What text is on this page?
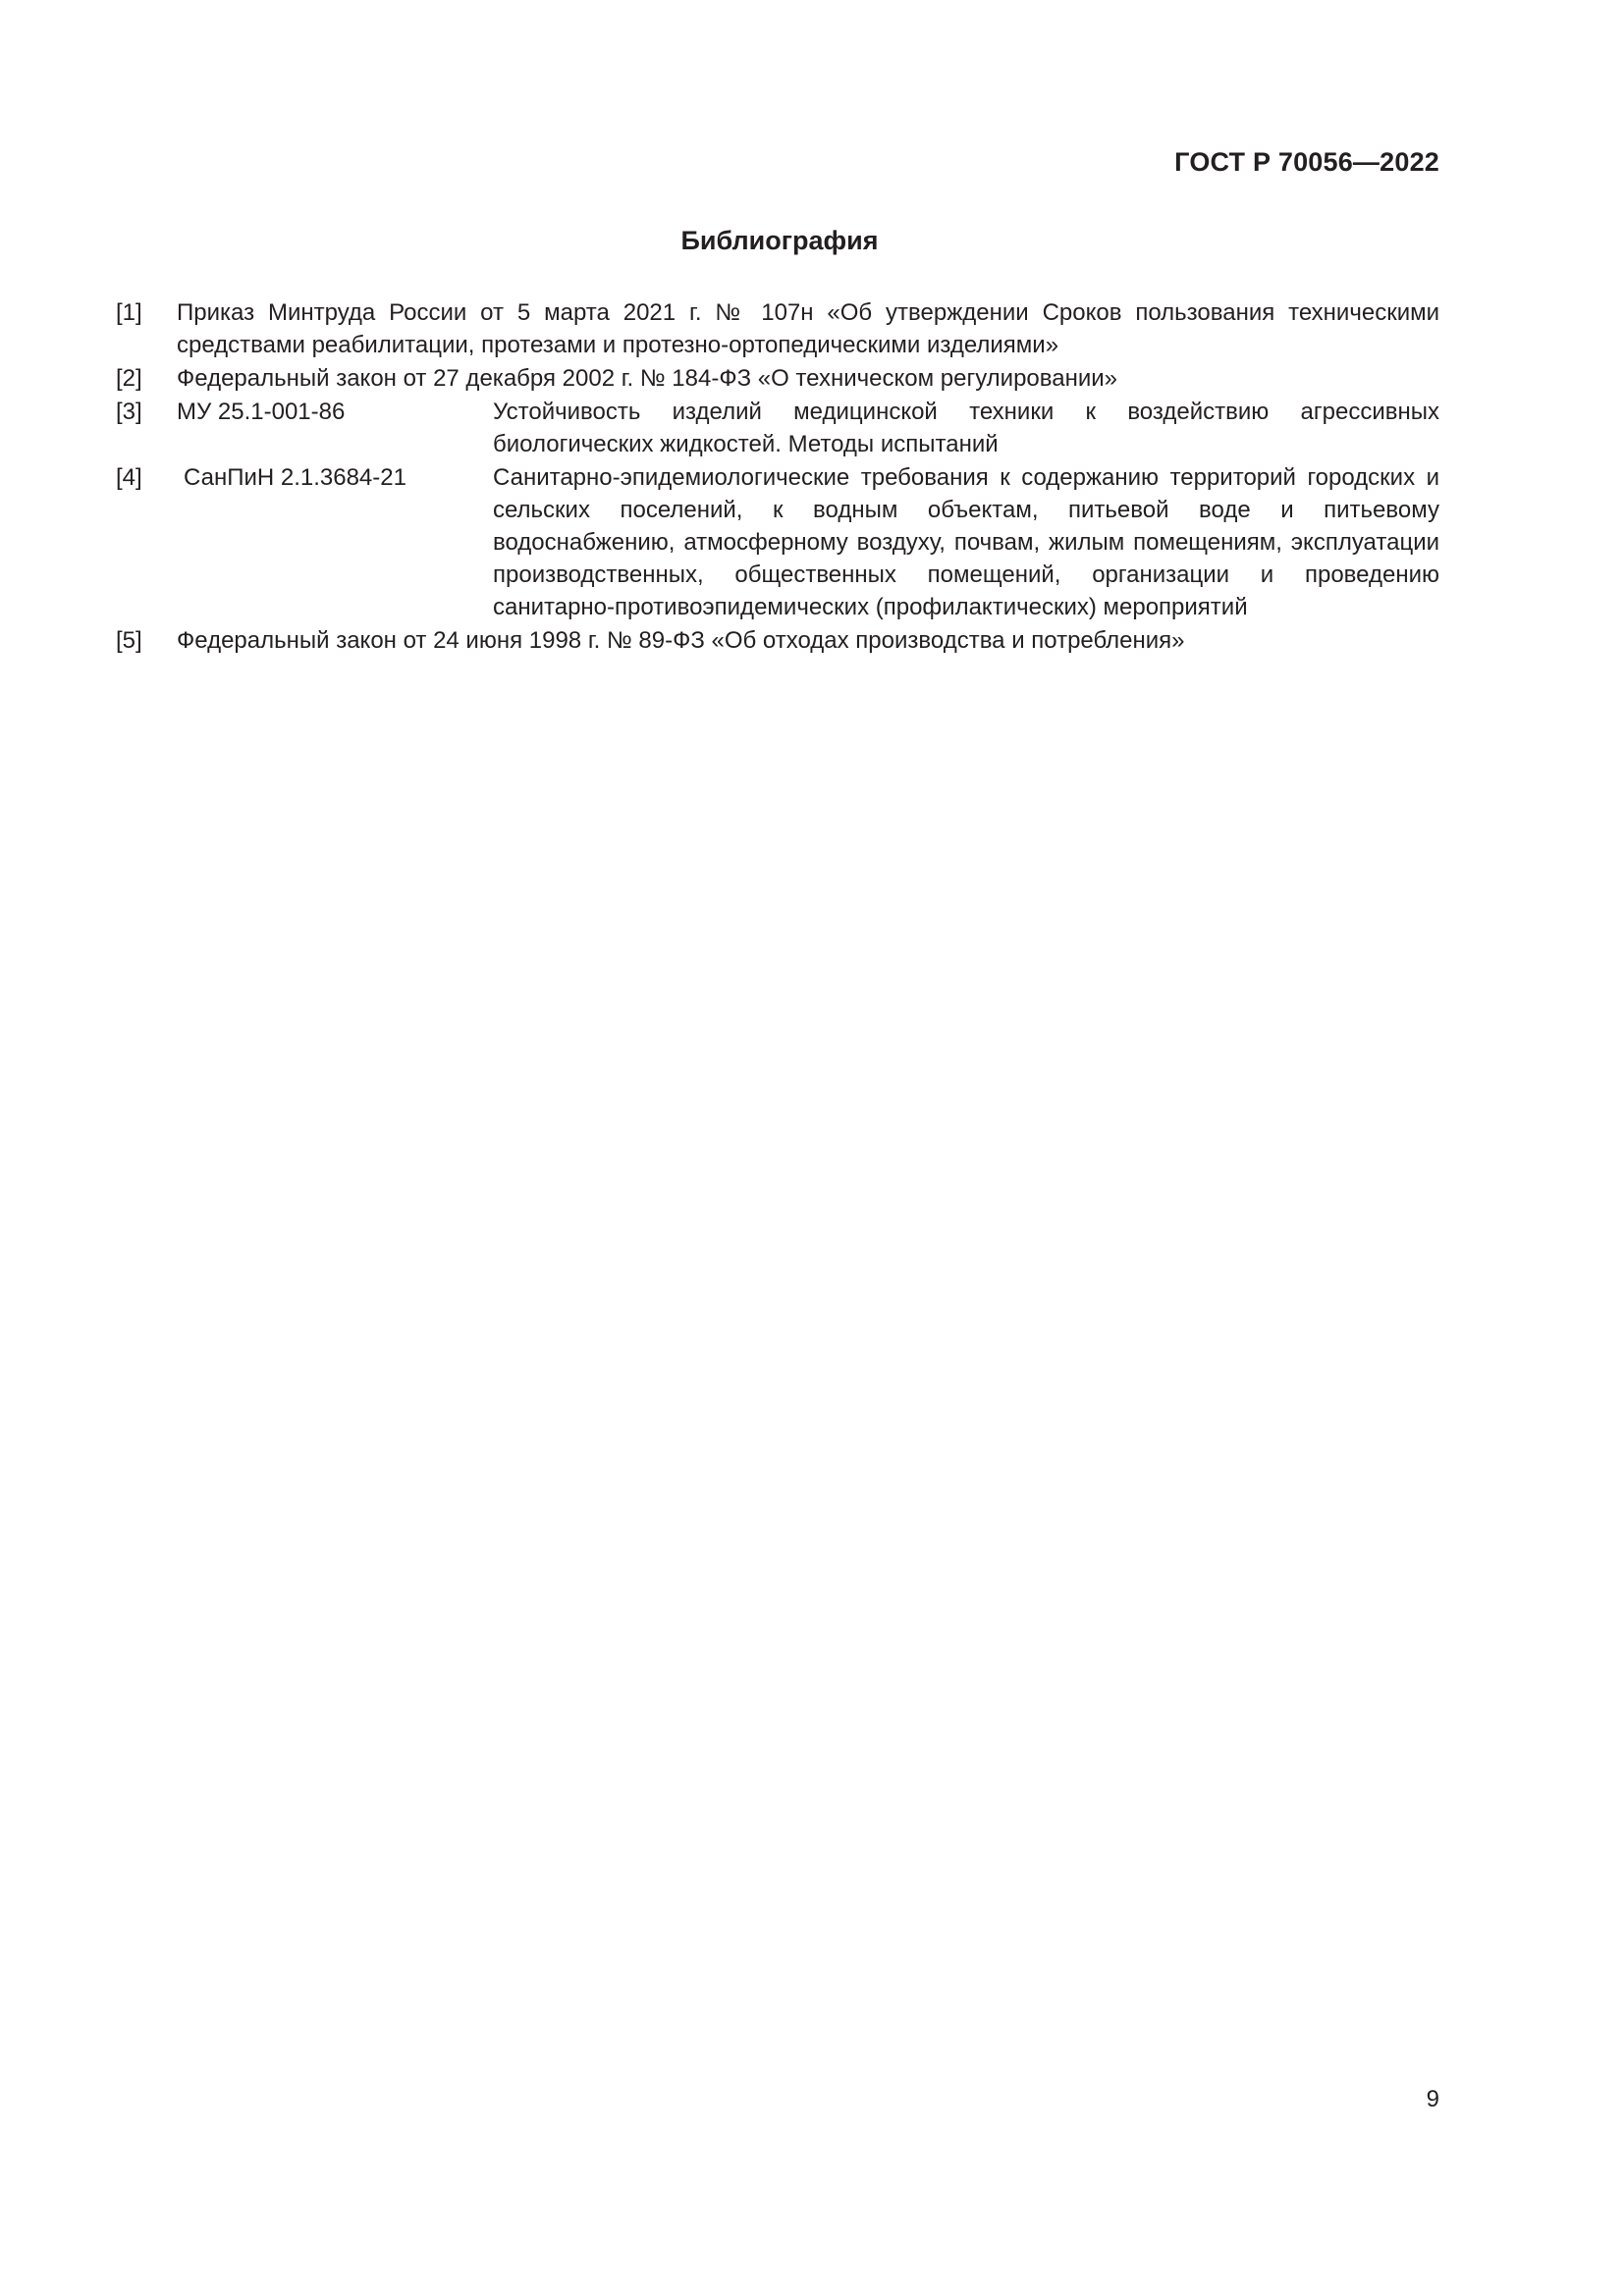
ГОСТ Р 70056—2022
Библиография
[1] Приказ Минтруда России от 5 марта 2021 г. № 107н «Об утверждении Сроков пользования техническими средствами реабилитации, протезами и протезно-ортопедическими изделиями»
[2] Федеральный закон от 27 декабря 2002 г. № 184-ФЗ «О техническом регулировании»
[3] МУ 25.1-001-86	Устойчивость изделий медицинской техники к воздействию агрессивных биологических жидкостей. Методы испытаний
[4] СанПиН 2.1.3684-21	Санитарно-эпидемиологические требования к содержанию территорий городских и сельских поселений, к водным объектам, питьевой воде и питьевому водоснабжению, атмосферному воздуху, почвам, жилым помещениям, эксплуатации производственных, общественных помещений, организации и проведению санитарно-противоэпидемических (профилактических) мероприятий
[5] Федеральный закон от 24 июня 1998 г. № 89-ФЗ «Об отходах производства и потребления»
9
